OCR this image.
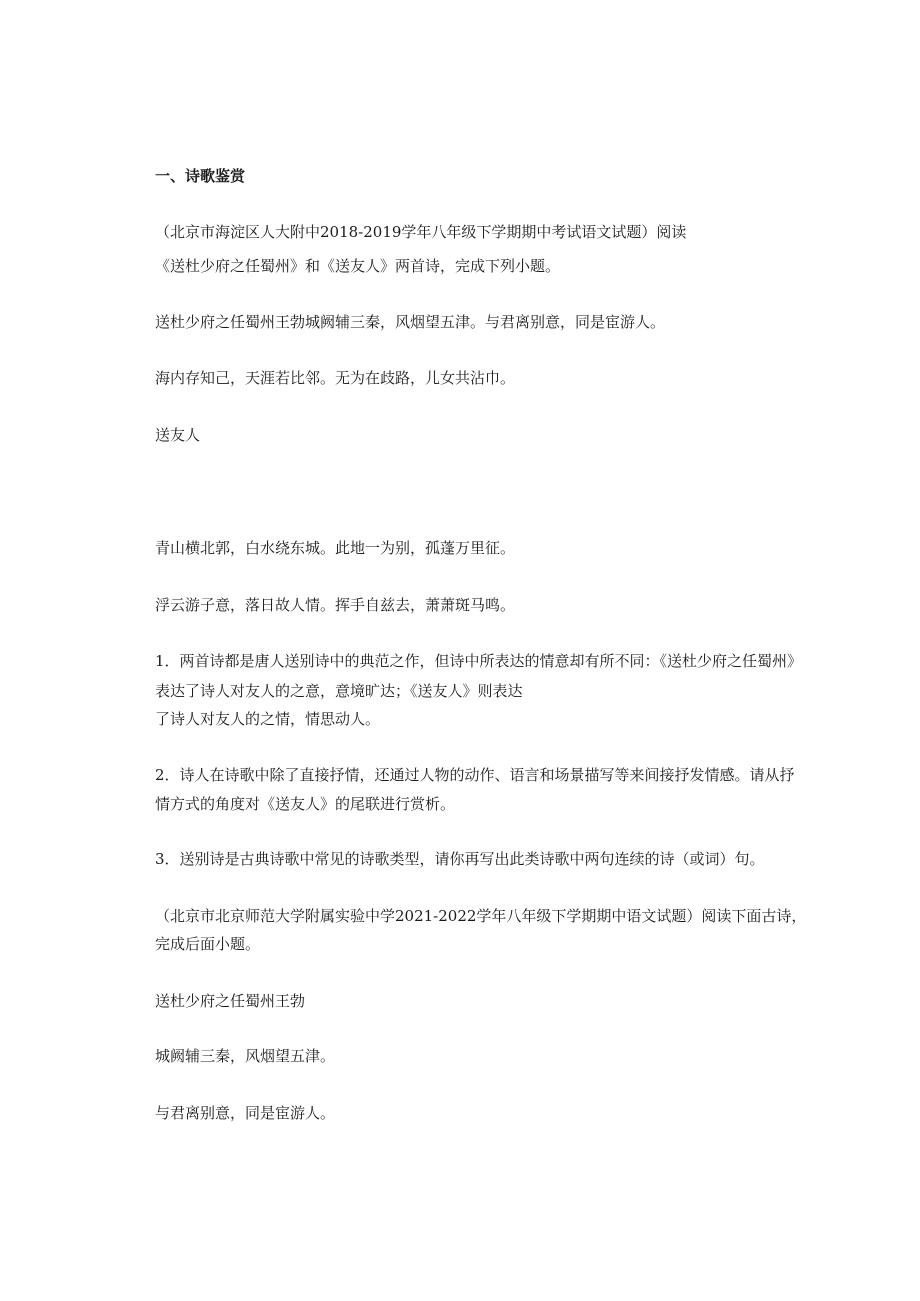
一、诗歌鉴赏
（北京市海淀区人大附中2018-2019学年八年级下学期期中考试语文试题）阅读
《送杜少府之任蜀州》和《送友人》两首诗，完成下列小题。
送杜少府之任蜀州王勃城阙辅三秦，风烟望五津。与君离别意，同是宦游人。
海内存知己，天涯若比邻。无为在歧路，儿女共沾巾。
送友人
青山横北郭，白水绕东城。此地一为别，孤蓬万里征。
浮云游子意，落日故人情。挥手自兹去，萧萧斑马鸣。
1．两首诗都是唐人送别诗中的典范之作，但诗中所表达的情意却有所不同：《送杜少府之任蜀州》
表达了诗人对友人的之意，意境旷达；《送友人》则表达
了诗人对友人的之情，情思动人。
2．诗人在诗歌中除了直接抒情，还通过人物的动作、语言和场景描写等来间接抒发情感。请从抒
情方式的角度对《送友人》的尾联进行赏析。
3．送别诗是古典诗歌中常见的诗歌类型，请你再写出此类诗歌中两句连续的诗（或词）句。
（北京市北京师范大学附属实验中学2021-2022学年八年级下学期期中语文试题）阅读下面古诗，
完成后面小题。
送杜少府之任蜀州王勃
城阙辅三秦，风烟望五津。
与君离别意，同是宦游人。
